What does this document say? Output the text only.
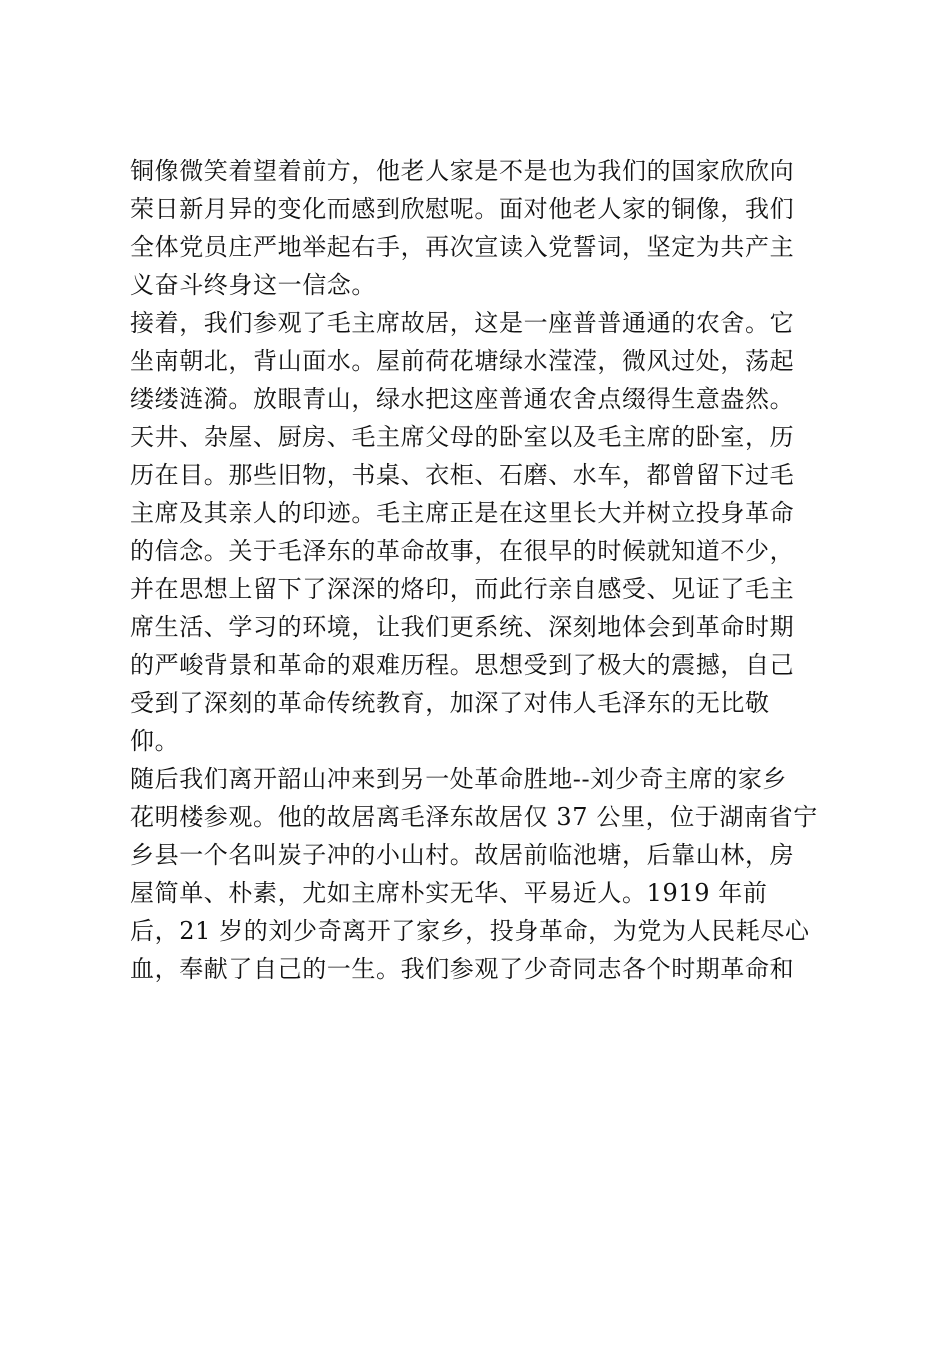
铜像微笑着望着前方，他老人家是不是也为我们的国家欣欣向
荣日新月异的变化而感到欣慰呢。面对他老人家的铜像，我们
全体党员庄严地举起右手，再次宣读入党誓词，坚定为共产主
义奋斗终身这一信念。
接着，我们参观了毛主席故居，这是一座普普通通的农舍。它
坐南朝北，背山面水。屋前荷花塘绿水滢滢，微风过处，荡起
缕缕涟漪。放眼青山，绿水把这座普通农舍点缀得生意盎然。
天井、杂屋、厨房、毛主席父母的卧室以及毛主席的卧室，历
历在目。那些旧物，书桌、衣柜、石磨、水车，都曾留下过毛
主席及其亲人的印迹。毛主席正是在这里长大并树立投身革命
的信念。关于毛泽东的革命故事，在很早的时候就知道不少，
并在思想上留下了深深的烙印，而此行亲自感受、见证了毛主
席生活、学习的环境，让我们更系统、深刻地体会到革命时期
的严峻背景和革命的艰难历程。思想受到了极大的震撼，自己
受到了深刻的革命传统教育，加深了对伟人毛泽东的无比敬
仰。
随后我们离开韶山冲来到另一处革命胜地--刘少奇主席的家乡
花明楼参观。他的故居离毛泽东故居仅 37 公里，位于湖南省宁
乡县一个名叫炭子冲的小山村。故居前临池塘，后靠山林，房
屋简单、朴素，尤如主席朴实无华、平易近人。1919 年前
后，21 岁的刘少奇离开了家乡，投身革命，为党为人民耗尽心
血，奉献了自己的一生。我们参观了少奇同志各个时期革命和
